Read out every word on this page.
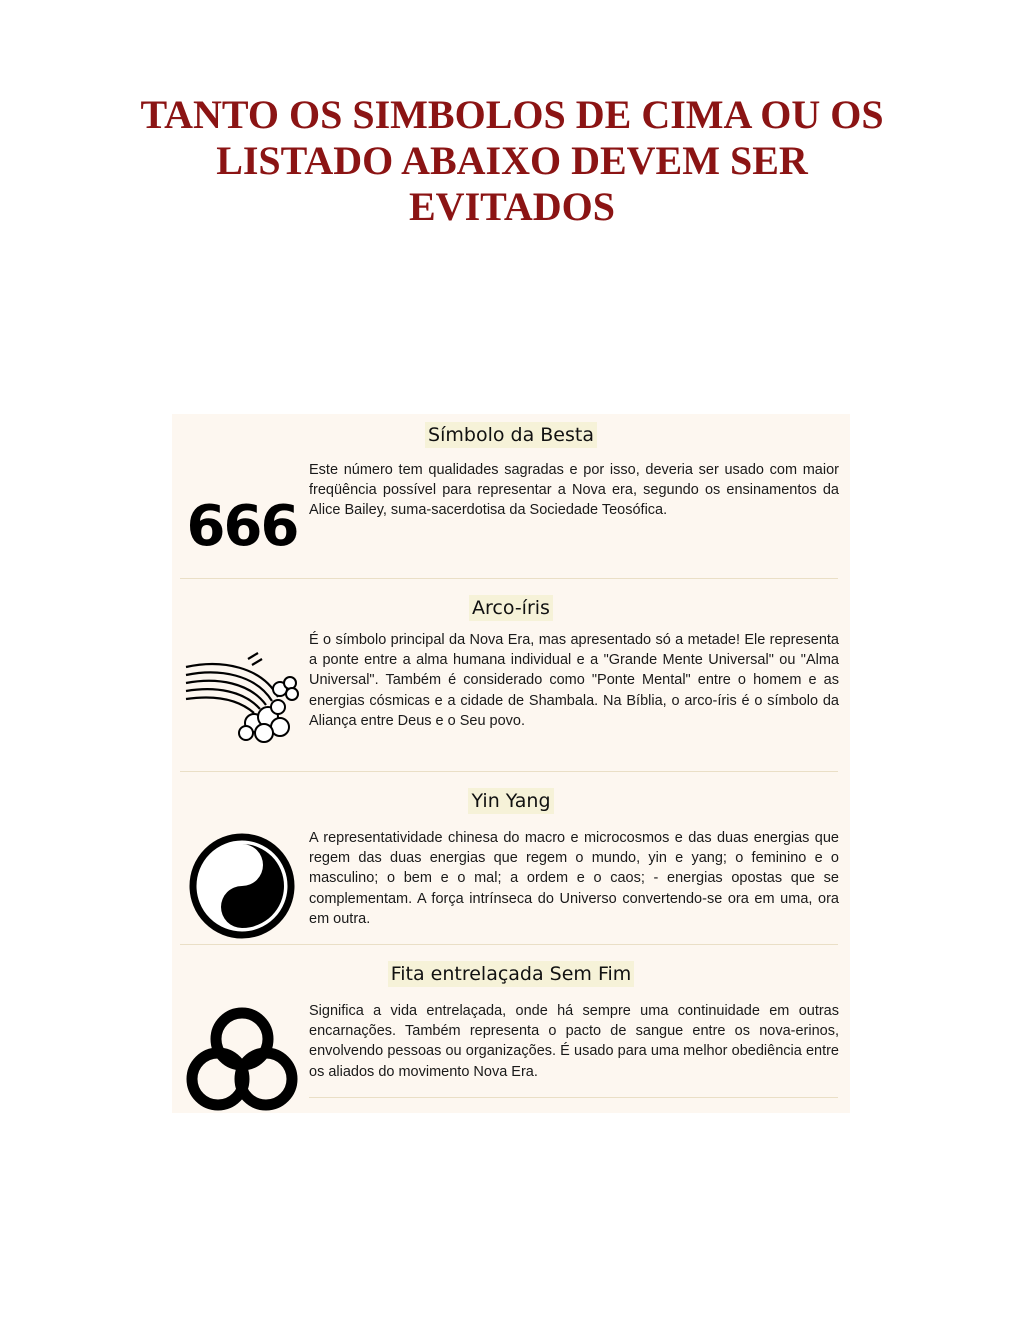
TANTO OS SIMBOLOS DE CIMA OU OS LISTADO ABAIXO DEVEM SER EVITADOS
Símbolo da Besta
666

Este número tem qualidades sagradas e por isso, deveria ser usado com maior freqüência possível para representar a Nova era, segundo os ensinamentos da Alice Bailey, suma-sacerdotisa da Sociedade Teosófica.

Arco-íris

É o símbolo principal da Nova Era, mas apresentado só a metade! Ele representa a ponte entre a alma humana individual e a "Grande Mente Universal" ou "Alma Universal". Também é considerado como "Ponte Mental" entre o homem e as energias cósmicas e a cidade de Shambala. Na Bíblia, o arco-íris é o símbolo da Aliança entre Deus e o Seu povo.

Yin Yang

A representatividade chinesa do macro e microcosmos e das duas energias que regem das duas energias que regem o mundo, yin e yang; o feminino e o masculino; o bem e o mal; a ordem e o caos; - energias opostas que se complementam. A força intrínseca do Universo convertendo-se ora em uma, ora em outra.

Fita entrelaçada Sem Fim

Significa a vida entrelaçada, onde há sempre uma continuidade em outras encarnações. Também representa o pacto de sangue entre os nova-erinos, envolvendo pessoas ou organizações. É usado para uma melhor obediência entre os aliados do movimento Nova Era.
